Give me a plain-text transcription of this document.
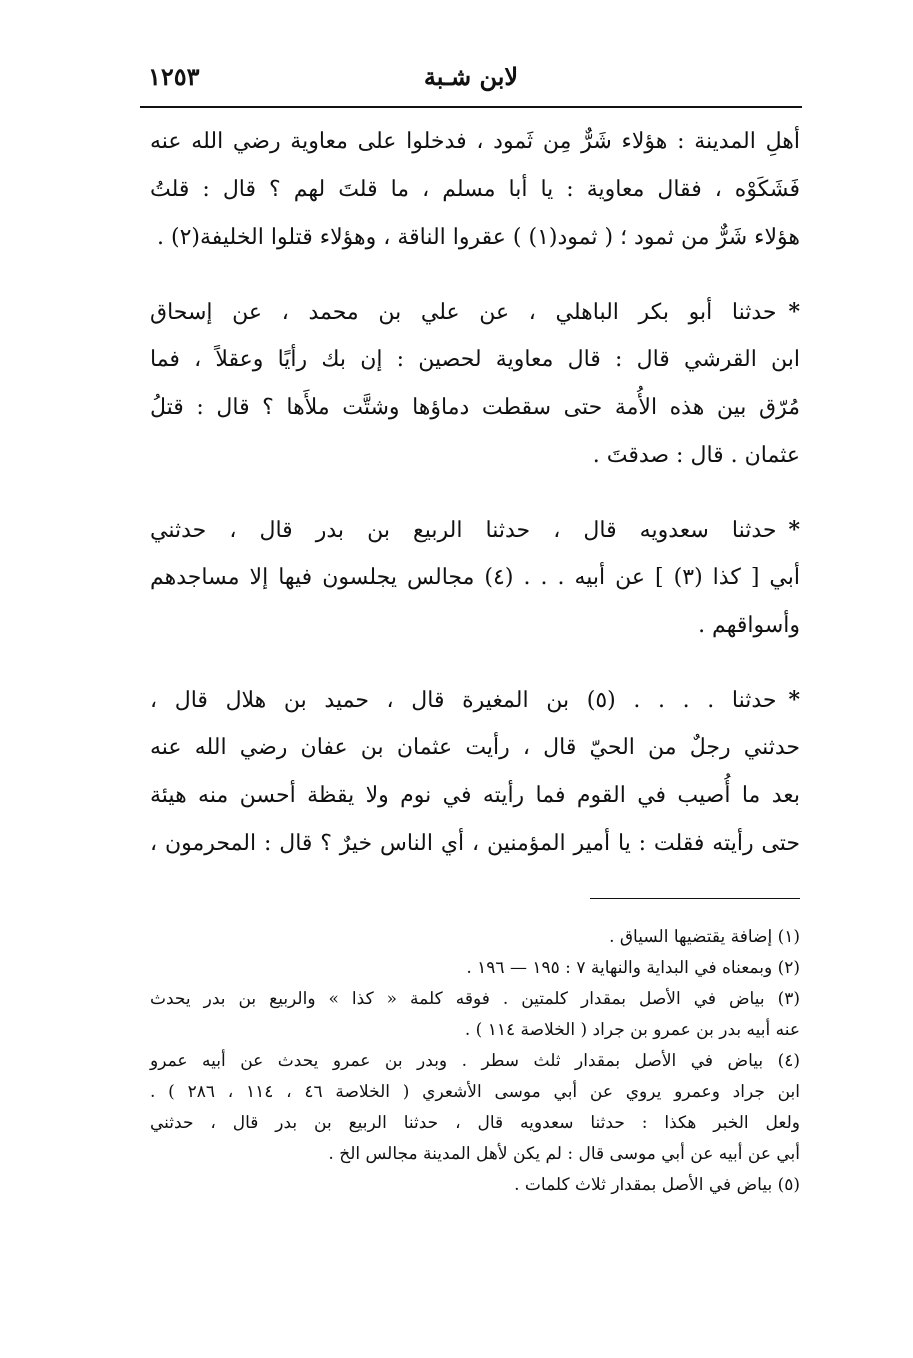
١٢٥٣	لابن شـبة
أهلِ المدينة : هؤلاء شَرٌّ مِن ثَمود ، فدخلوا على معاوية رضي الله عنه
فَشَكَوْه ، فقال معاوية : يا أبا مسلم ، ما قلتَ لهم ؟ قال : قلتُ
هؤلاء شَرٌّ من ثمود ؛ ( ثمود(١) ) عقروا الناقة ، وهؤلاء قتلوا الخليفة(٢) .
*حدثنا أبو بكر الباهلي ، عن علي بن محمد ، عن إسحاق
ابن القرشي قال : قال معاوية لحصين : إن بك رأيًا وعقلاً ، فما
مُرّق بين هذه الأُمة حتى سقطت دماؤها وشتَّت ملأَها ؟ قال : قتلُ
عثمان . قال : صدقتَ .
*حدثنا سعدويه قال ، حدثنا الربيع بن بدر قال ، حدثني
أبي [ كذا (٣) ] عن أبيه . . . (٤) مجالس يجلسون فيها إلا مساجدهم
وأسواقهم .
*حدثنا . . . . (٥) بن المغيرة قال ، حميد بن هلال قال ،
حدثني رجلٌ من الحيّ قال ، رأيت عثمان بن عفان رضي الله عنه
بعد ما أُصيب في القوم فما رأيته في نوم ولا يقظة أحسن منه هيئة
حتى رأيته فقلت : يا أمير المؤمنين ، أي الناس خيرٌ ؟ قال : المحرمون ،
(١) إضافة يقتضيها السياق .
(٢) وبمعناه في البداية والنهاية ٧ : ١٩٥ — ١٩٦ .
(٣) بياض في الأصل بمقدار كلمتين . فوقه كلمة « كذا » والربيع بن بدر يحدث
عنه أبيه بدر بن عمرو بن جراد ( الخلاصة ١١٤ ) .
(٤) بياض في الأصل بمقدار ثلث سطر . وبدر بن عمرو يحدث عن أبيه عمرو
ابن جراد وعمرو يروي عن أبي موسى الأشعري ( الخلاصة ٤٦ ، ١١٤ ، ٢٨٦ ) .
ولعل الخبر هكذا : حدثنا سعدويه قال ، حدثنا الربيع بن بدر قال ، حدثني
أبي عن أبيه عن أبي موسى قال : لم يكن لأهل المدينة مجالس الخ .
(٥) بياض في الأصل بمقدار ثلاث كلمات .
